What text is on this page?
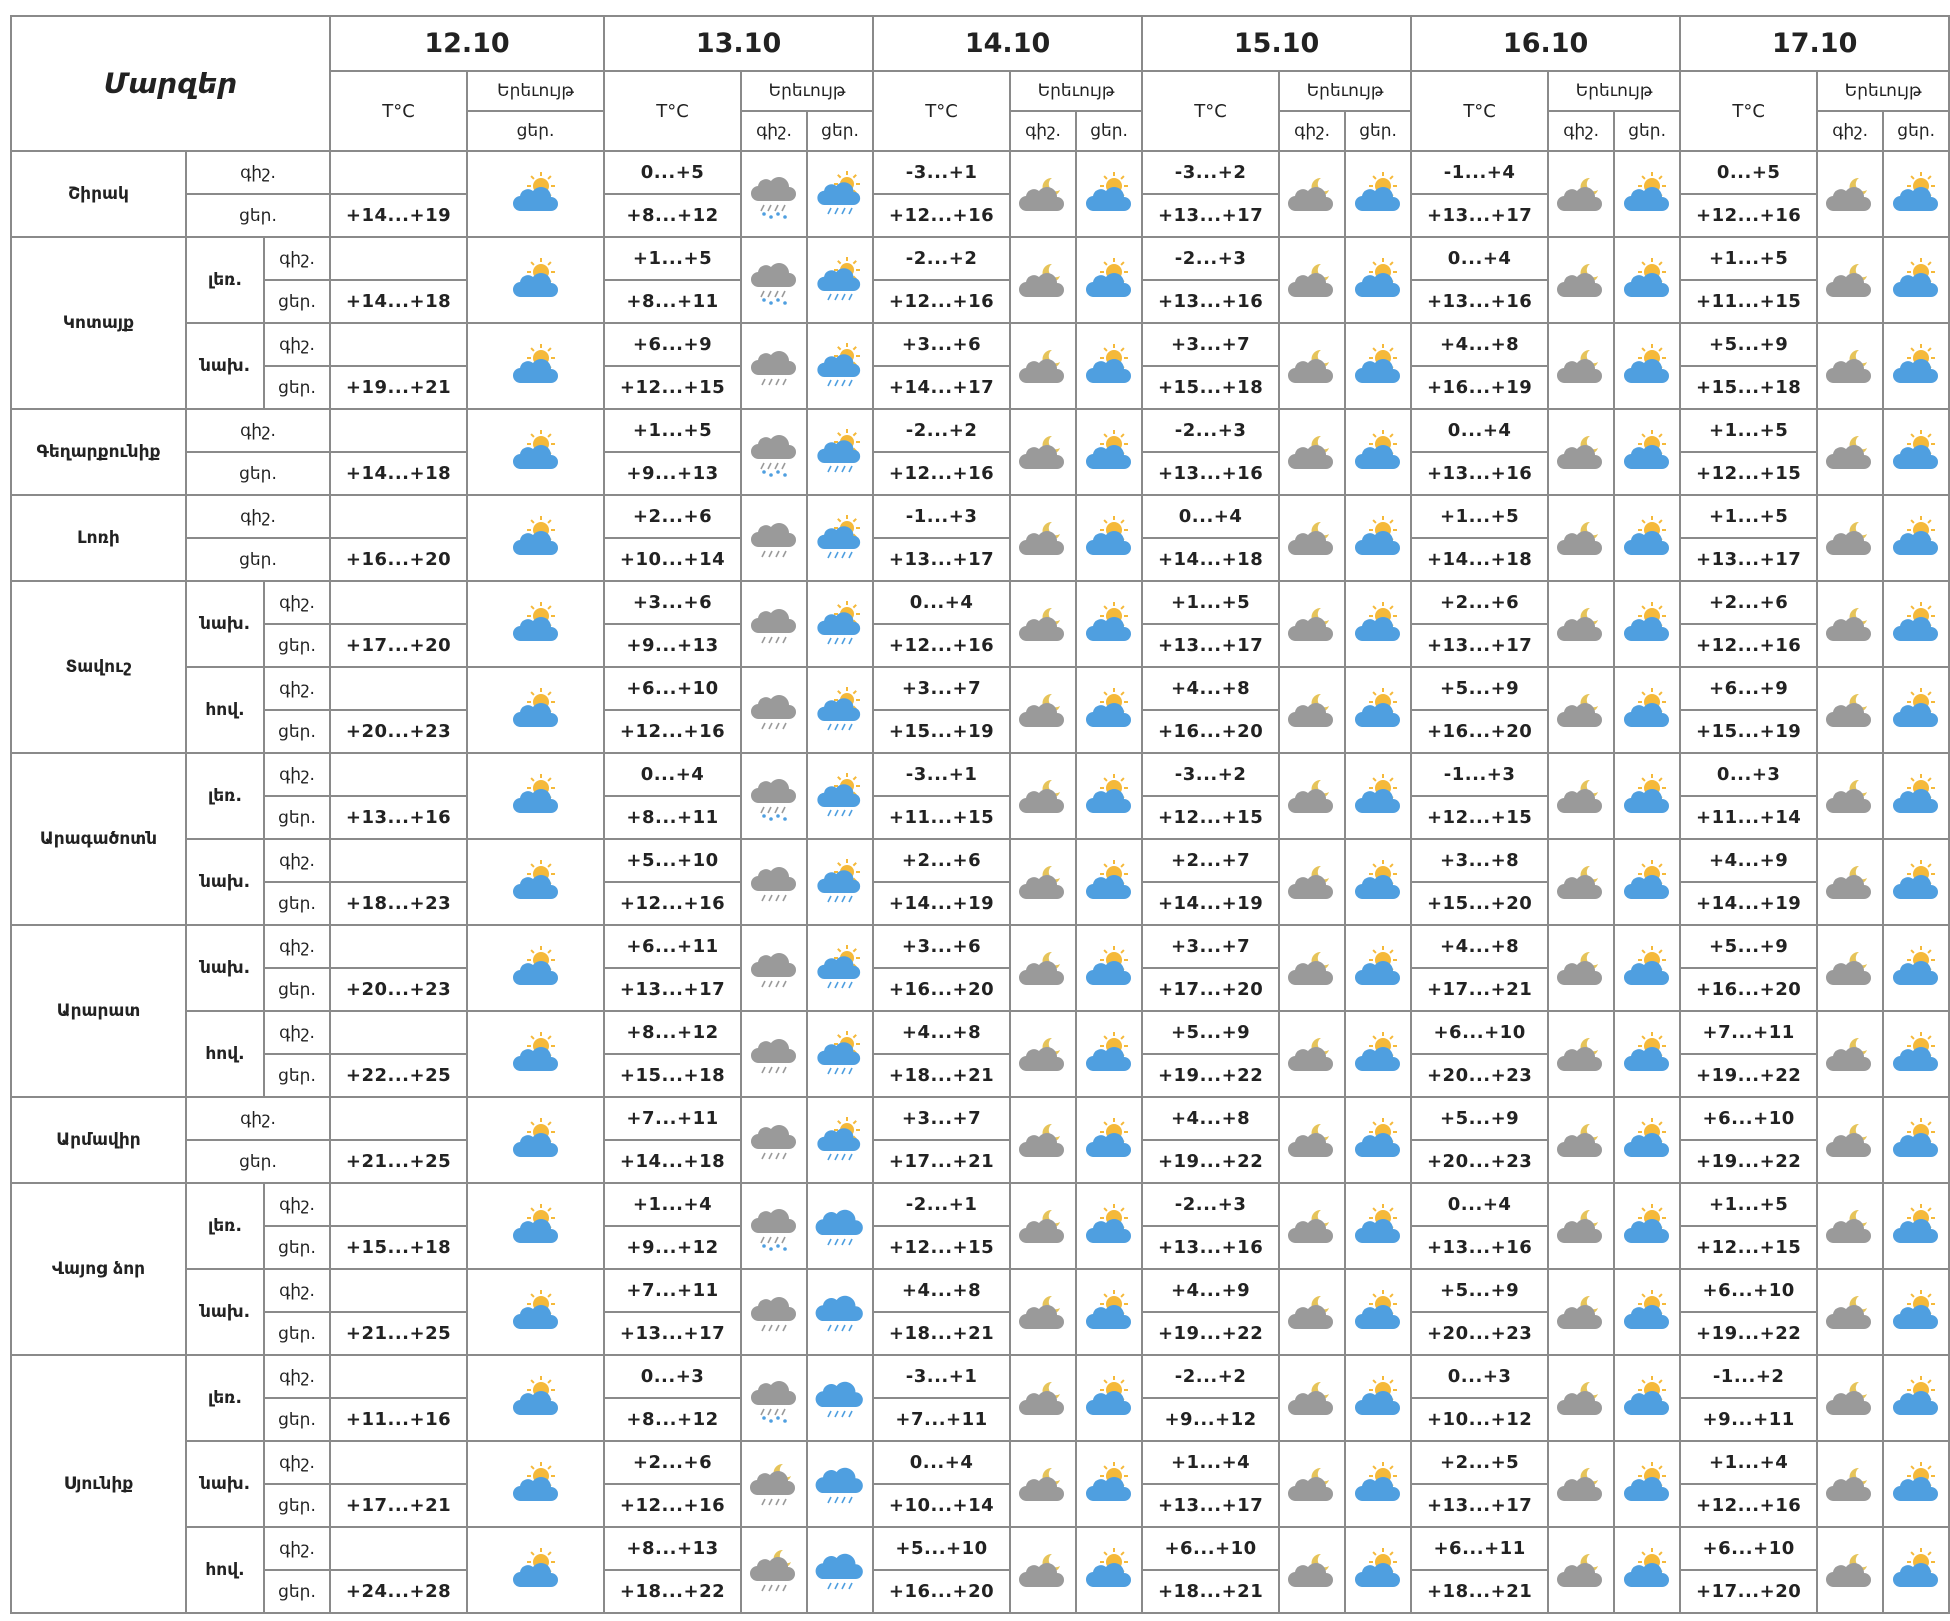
Մարզեր			12.10		13.10			14.10			15.10			16.10			17.10		
			T°C	Երեւույթ	T°C	Երեւույթ		T°C	Երեւույթ		T°C	Երեւույթ		T°C	Երեւույթ		T°C	Երեւույթ	
				ցեր.		գիշ.	ցեր.		գիշ.	ցեր.		գիշ.	ցեր.		գիշ.	ցեր.		գիշ.	ցեր.
Շիրակ	գիշ.				0...+5			-3...+1			-3...+2			-1...+4			0...+5	

	ցեր.		+14...+19		+8...+12			+12...+16			+13...+17			+13...+17			+12...+16		
Կոտայք	լեռ.	գիշ.			+1...+5			-2...+2			-2...+3			0...+4			+1...+5	

		ցեր.	+14...+18		+8...+11			+12...+16			+13...+16			+13...+16			+11...+15		
	նախ.	գիշ.			+6...+9			+3...+6			+3...+7			+4...+8			+5...+9	

		ցեր.	+19...+21		+12...+15			+14...+17			+15...+18			+16...+19			+15...+18		
Գեղարքունիք	գիշ.				+1...+5			-2...+2			-2...+3			0...+4			+1...+5	

	ցեր.		+14...+18		+9...+13			+12...+16			+13...+16			+13...+16			+12...+15		
Լոռի	գիշ.				+2...+6			-1...+3			0...+4			+1...+5			+1...+5	

	ցեր.		+16...+20		+10...+14			+13...+17			+14...+18			+14...+18			+13...+17		
Տավուշ	նախ.	գիշ.			+3...+6			0...+4			+1...+5			+2...+6			+2...+6	

		ցեր.	+17...+20		+9...+13			+12...+16			+13...+17			+13...+17			+12...+16		
	հով.	գիշ.			+6...+10			+3...+7			+4...+8			+5...+9			+6...+9	

		ցեր.	+20...+23		+12...+16			+15...+19			+16...+20			+16...+20			+15...+19		
Արագածոտն	լեռ.	գիշ.			0...+4			-3...+1			-3...+2			-1...+3			0...+3	

		ցեր.	+13...+16		+8...+11			+11...+15			+12...+15			+12...+15			+11...+14		
	նախ.	գիշ.			+5...+10			+2...+6			+2...+7			+3...+8			+4...+9	

		ցեր.	+18...+23		+12...+16			+14...+19			+14...+19			+15...+20			+14...+19		
Արարատ	նախ.	գիշ.			+6...+11			+3...+6			+3...+7			+4...+8			+5...+9	

		ցեր.	+20...+23		+13...+17			+16...+20			+17...+20			+17...+21			+16...+20		
	հով.	գիշ.			+8...+12			+4...+8			+5...+9			+6...+10			+7...+11	

		ցեր.	+22...+25		+15...+18			+18...+21			+19...+22			+20...+23			+19...+22		
Արմավիր	գիշ.				+7...+11			+3...+7			+4...+8			+5...+9			+6...+10	

	ցեր.		+21...+25		+14...+18			+17...+21			+19...+22			+20...+23			+19...+22		
Վայոց ձոր	լեռ.	գիշ.			+1...+4			-2...+1			-2...+3			0...+4			+1...+5	

		ցեր.	+15...+18		+9...+12			+12...+15			+13...+16			+13...+16			+12...+15		
	նախ.	գիշ.			+7...+11			+4...+8			+4...+9			+5...+9			+6...+10	

		ցեր.	+21...+25		+13...+17			+18...+21			+19...+22			+20...+23			+19...+22		
Սյունիք	լեռ.	գիշ.			0...+3			-3...+1			-2...+2			0...+3			-1...+2	

		ցեր.	+11...+16		+8...+12			+7...+11			+9...+12			+10...+12			+9...+11		
	նախ.	գիշ.			+2...+6			0...+4			+1...+4			+2...+5			+1...+4	

		ցեր.	+17...+21		+12...+16			+10...+14			+13...+17			+13...+17			+12...+16		
	հով.	գիշ.			+8...+13			+5...+10			+6...+10			+6...+11			+6...+10	

		ցեր.	+24...+28		+18...+22			+16...+20			+18...+21			+18...+21			+17...+20		
